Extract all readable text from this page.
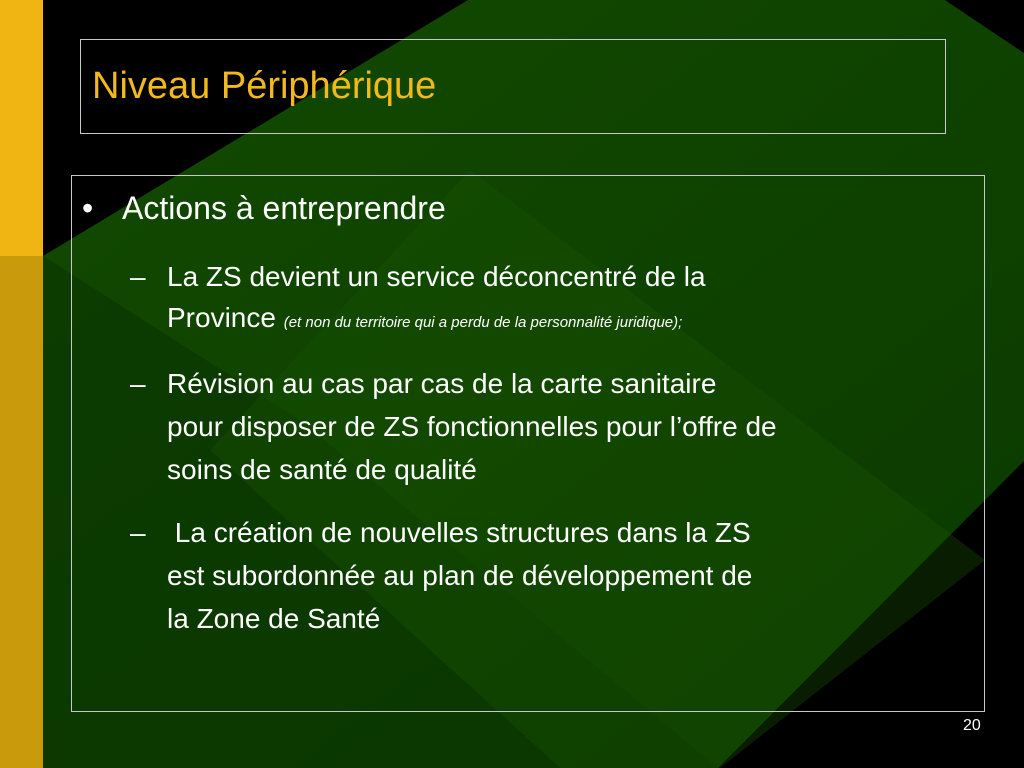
Niveau Périphérique
• Actions à entreprendre
– La ZS devient un service déconcentré de la
Province (et non du territoire qui a perdu de la personnalité juridique);
– Révision au cas par cas de la carte sanitaire
pour disposer de ZS fonctionnelles pour l’offre de
soins de santé de qualité
– La création de nouvelles structures dans la ZS
est subordonnée au plan de développement de
la Zone de Santé
20
